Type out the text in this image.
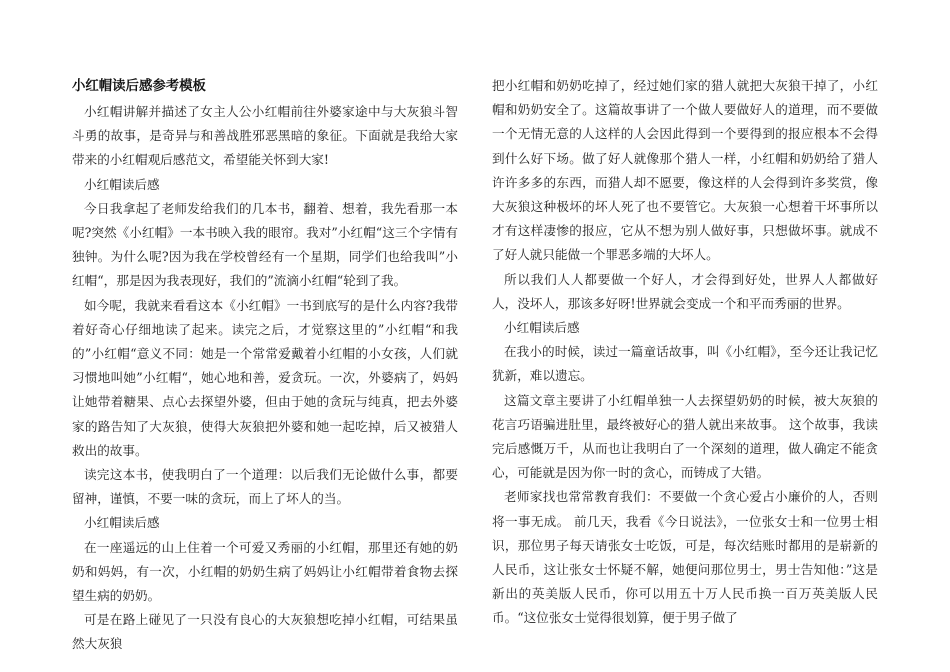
小红帽读后感参考模板

小红帽讲解并描述了女主人公小红帽前往外婆家途中与大灰狼斗智斗勇的故事，是奇异与和善战胜邪恶黑暗的象征。下面就是我给大家带来的小红帽观后感范文，希望能关怀到大家!

小红帽读后感

今日我拿起了老师发给我们的几本书，翻着、想着，我先看那一本呢?突然《小红帽》一本书映入我的眼帘。我对”小红帽“这三个字情有独钟。为什么呢?因为我在学校曾经有一个星期，同学们也给我叫”小红帽“，那是因为我表现好，我们的”流滴小红帽“轮到了我。

如今呢，我就来看看这本《小红帽》一书到底写的是什么内容?我带着好奇心仔细地读了起来。读完之后，才觉察这里的”小红帽“和我的”小红帽“意义不同：她是一个常常爱戴着小红帽的小女孩，人们就习惯地叫她”小红帽“，她心地和善，爱贪玩。一次，外婆病了，妈妈让她带着糖果、点心去探望外婆，但由于她的贪玩与纯真，把去外婆家的路告知了大灰狼，使得大灰狼把外婆和她一起吃掉，后又被猎人救出的故事。

读完这本书，使我明白了一个道理：以后我们无论做什么事，都要留神，谨慎，不要一味的贪玩，而上了坏人的当。

小红帽读后感

在一座遥远的山上住着一个可爱又秀丽的小红帽，那里还有她的奶奶和妈妈，有一次，小红帽的奶奶生病了妈妈让小红帽带着食物去探望生病的奶奶。

可是在路上碰见了一只没有良心的大灰狼想吃掉小红帽，可结果虽然大灰狼

把小红帽和奶奶吃掉了，经过她们家的猎人就把大灰狼干掉了，小红帽和奶奶安全了。这篇故事讲了一个做人要做好人的道理，而不要做一个无情无意的人这样的人会因此得到一个要得到的报应根本不会得到什么好下场。做了好人就像那个猎人一样，小红帽和奶奶给了猎人许许多多的东西，而猎人却不愿要，像这样的人会得到许多奖赏，像大灰狼这种极坏的坏人死了也不要管它。大灰狼一心想着干坏事所以才有这样凄惨的报应，它从不想为别人做好事，只想做坏事。就成不了好人就只能做一个罪恶多端的大坏人。

所以我们人人都要做一个好人，才会得到好处，世界人人都做好人，没坏人，那该多好呀!世界就会变成一个和平而秀丽的世界。

小红帽读后感

在我小的时候，读过一篇童话故事，叫《小红帽》，至今还让我记忆犹新，难以遗忘。

这篇文章主要讲了小红帽单独一人去探望奶奶的时候，被大灰狼的花言巧语骗进肚里，最终被好心的猎人就出来故事。 这个故事，我读完后感慨万千，从而也让我明白了一个深刻的道理，做人确定不能贪心，可能就是因为你一时的贪心，而铸成了大错。

老师家找也常常教育我们：不要做一个贪心爱占小廉价的人，否则将一事无成。 前几天，我看《今日说法》，一位张女士和一位男士相识，那位男子每天请张女士吃饭，可是，每次结账时都用的是崭新的人民币，这让张女士怀疑不解，她便问那位男士，男士告知他：”这是新出的英美版人民币，你可以用五十万人民币换一百万英美版人民币。“这位张女士觉得很划算，便于男子做了
